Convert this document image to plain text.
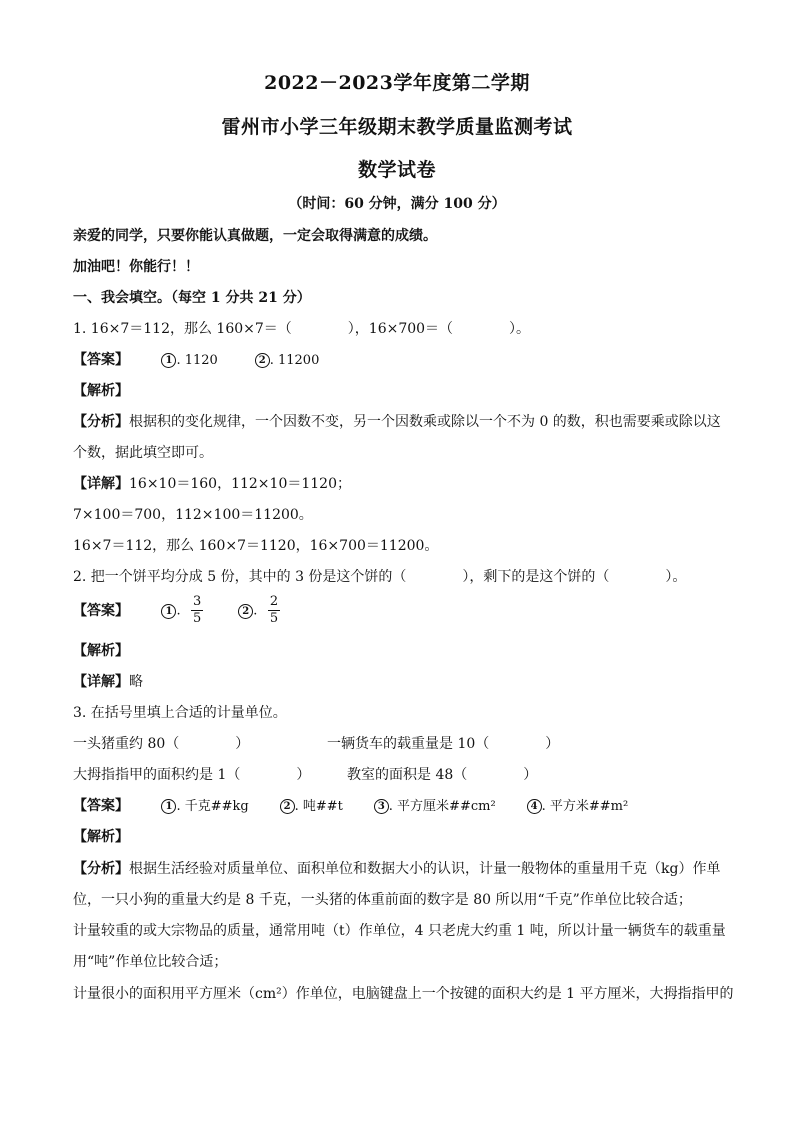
2022－2023学年度第二学期
雷州市小学三年级期末教学质量监测考试
数学试卷
（时间：60 分钟，满分 100 分）
亲爱的同学，只要你能认真做题，一定会取得满意的成绩。
加油吧！你能行！！
一、我会填空。（每空 1 分共 21 分）
1. 16×7＝112，那么 160×7＝（　　　　），16×700＝（　　　　）。
【答案】	1 . 1120	2 . 11200
【解析】
【分析】根据积的变化规律，一个因数不变，另一个因数乘或除以一个不为 0 的数，积也需要乘或除以这
个数，据此填空即可。
【详解】16×10＝160，112×10＝1120；
7×100＝700，112×100＝11200。
16×7＝112，那么 160×7＝1120，16×700＝11200。
2. 把一个饼平均分成 5 份，其中的 3 份是这个饼的（　　　　），剩下的是这个饼的（　　　　）。
【答案】	1 . $\frac{3}{5}$	2 . $\frac{2}{5}$
【解析】
【详解】略
3. 在括号里填上合适的计量单位。
一头猪重约 80（　　　　）	一辆货车的载重量是 10（　　　　）
大拇指指甲的面积约是 1（　　　　）	教室的面积是 48（　　　　）
【答案】	1 . 千克##kg	2 . 吨##t	3 . 平方厘米##cm²	4 . 平方米##m²
【解析】
【分析】根据生活经验对质量单位、面积单位和数据大小的认识，计量一般物体的重量用千克（kg）作单
位，一只小狗的重量大约是 8 千克，一头猪的体重前面的数字是 80 所以用“千克”作单位比较合适；
计量较重的或大宗物品的质量，通常用吨（t）作单位，4 只老虎大约重 1 吨，所以计量一辆货车的载重量
用“吨”作单位比较合适；
计量很小的面积用平方厘米（cm²）作单位，电脑键盘上一个按键的面积大约是 1 平方厘米，大拇指指甲的
